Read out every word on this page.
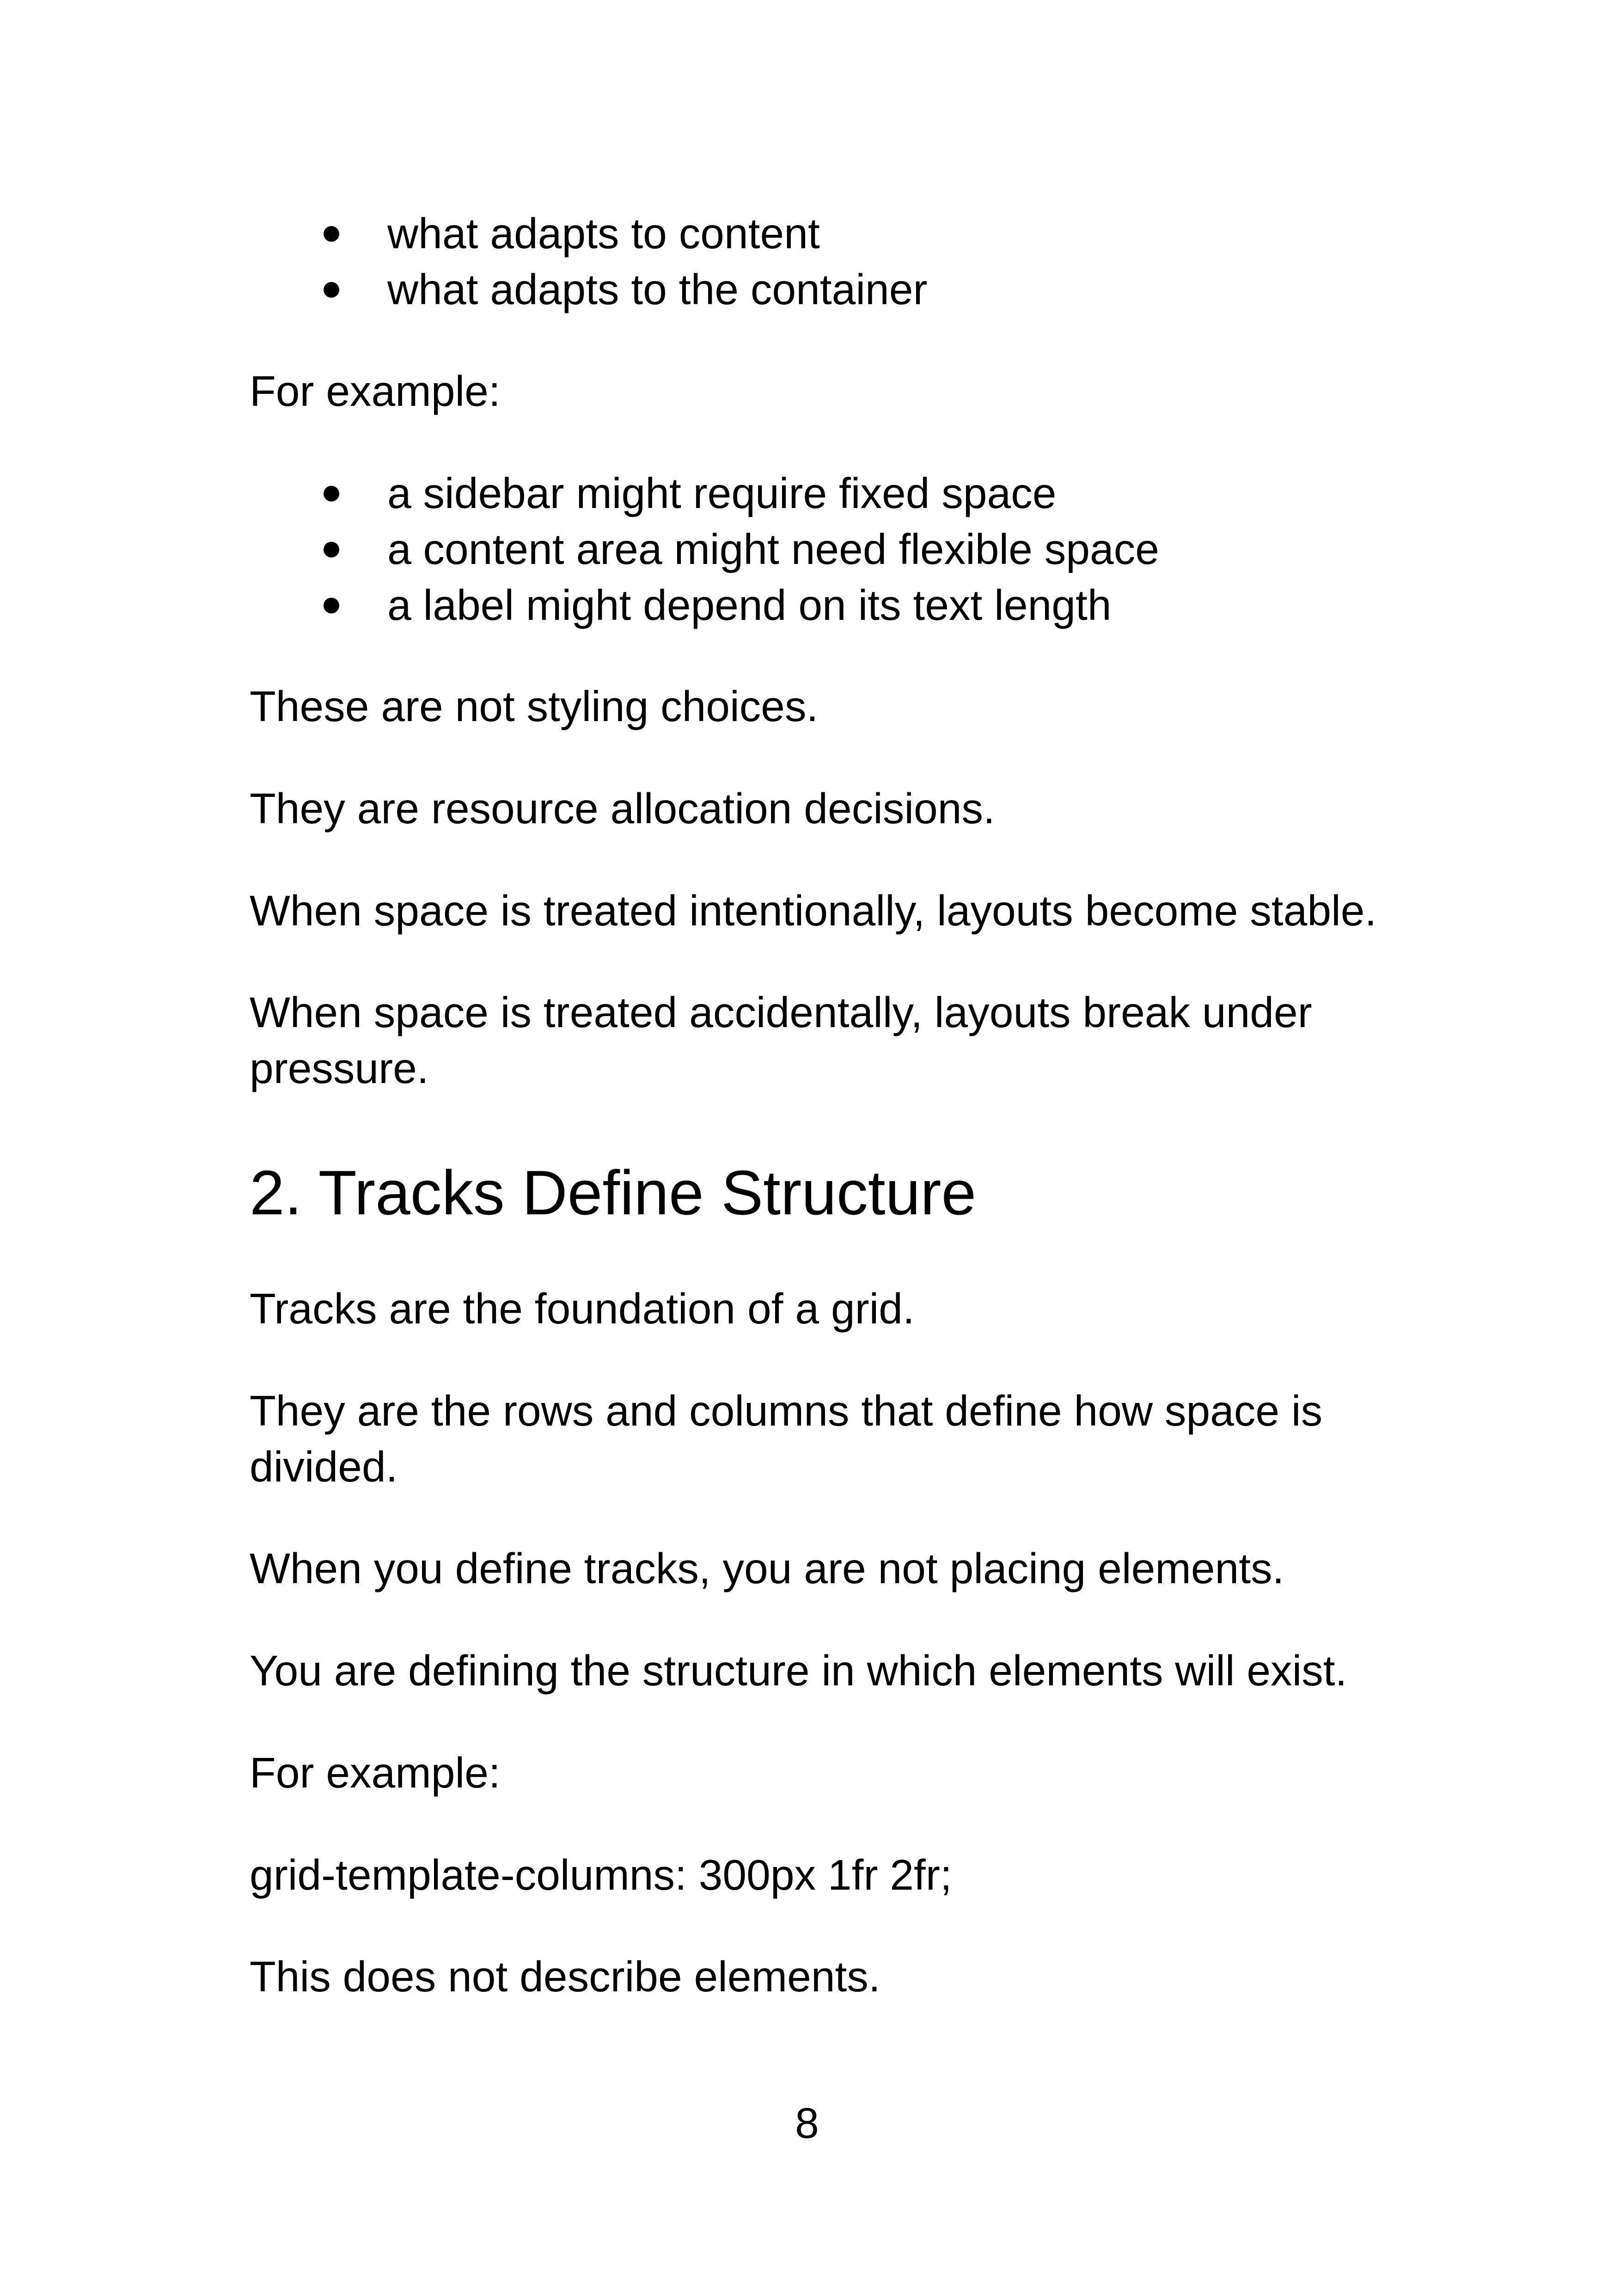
what adapts to content

what adapts to the container

For example:

a sidebar might require fixed space

a content area might need flexible space

a label might depend on its text length

These are not styling choices.

They are resource allocation decisions.

When space is treated intentionally, layouts become stable.

When space is treated accidentally, layouts break under

pressure.

2. Tracks Define Structure

Tracks are the foundation of a grid.

They are the rows and columns that define how space is

divided.

When you define tracks, you are not placing elements.

You are defining the structure in which elements will exist.

For example:

grid-template-columns: 300px 1fr 2fr;

This does not describe elements.

8
